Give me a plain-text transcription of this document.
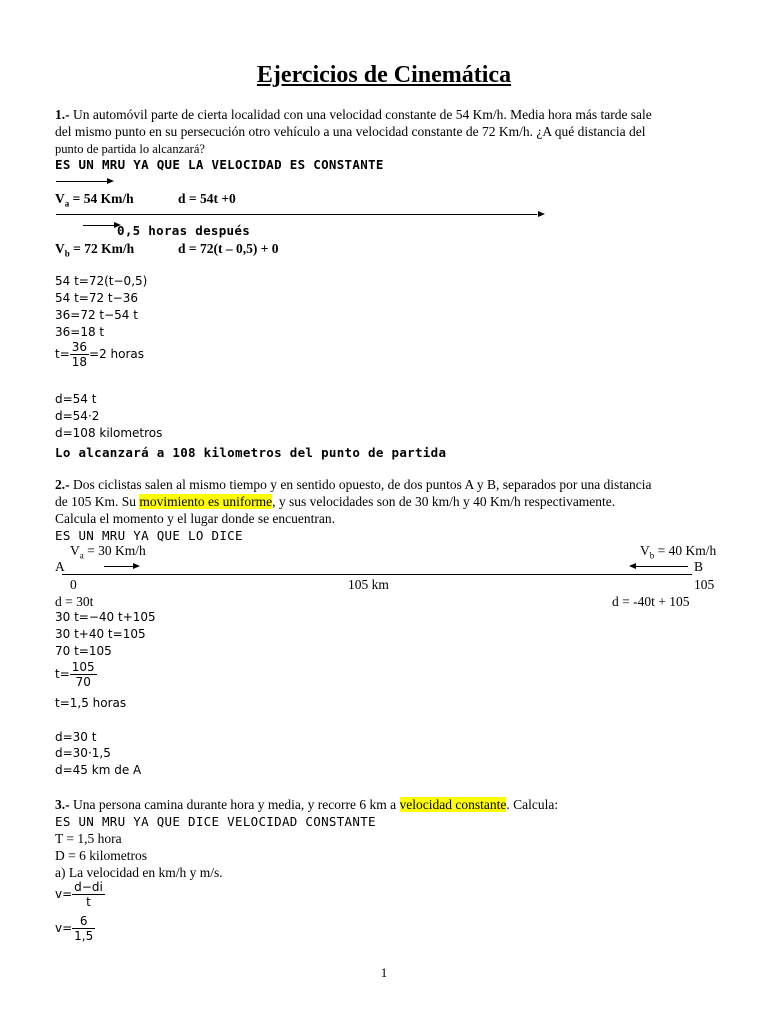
Ejercicios de Cinemática
1.- Un automóvil parte de cierta localidad con una velocidad constante de 54 Km/h. Media hora más tarde sale
del mismo punto en su persecución otro vehículo a una velocidad constante de 72 Km/h. ¿A qué distancia del
punto de partida lo alcanzará?
ES UN MRU YA QUE LA VELOCIDAD ES CONSTANTE
$V_a = 54$ Km/h	d = 54t +0
0,5 horas después
$V_b = 72$ Km/h	d = 72(t – 0,5) + 0
54 t=72(t−0,5)
54 t=72 t−36
36=72 t−54 t
36=18 t
$t= \frac{36}{18} =2$ horas
d=54 t
d=54·2
d=108 kilometros
Lo alcanzará a 108 kilometros del punto de partida
2.- Dos ciclistas salen al mismo tiempo y en sentido opuesto, de dos puntos A y B, separados por una distancia
de 105 Km. Su movimiento es uniforme, y sus velocidades son de 30 km/h y 40 Km/h respectivamente.
Calcula el momento y el lugar donde se encuentran.
ES UN MRU YA QUE LO DICE
$V_a = 30$ Km/h	$V_b = 40$ Km/h
A	B
0	105 km	105
d = 30t	d = -40t + 105
30 t=−40 t+105
30 t+40 t=105
70 t=105
$t= \frac{105}{70}$
t=1,5 horas
d=30 t
d=30·1,5
d=45 km de A
3.- Una persona camina durante hora y media, y recorre 6 km a velocidad constante. Calcula:
ES UN MRU YA QUE DICE VELOCIDAD CONSTANTE
T = 1,5 hora
D = 6 kilometros
a) La velocidad en km/h y m/s.
$v= \frac{d-di}{t}$
$v= \frac{6}{1,5}$
1
